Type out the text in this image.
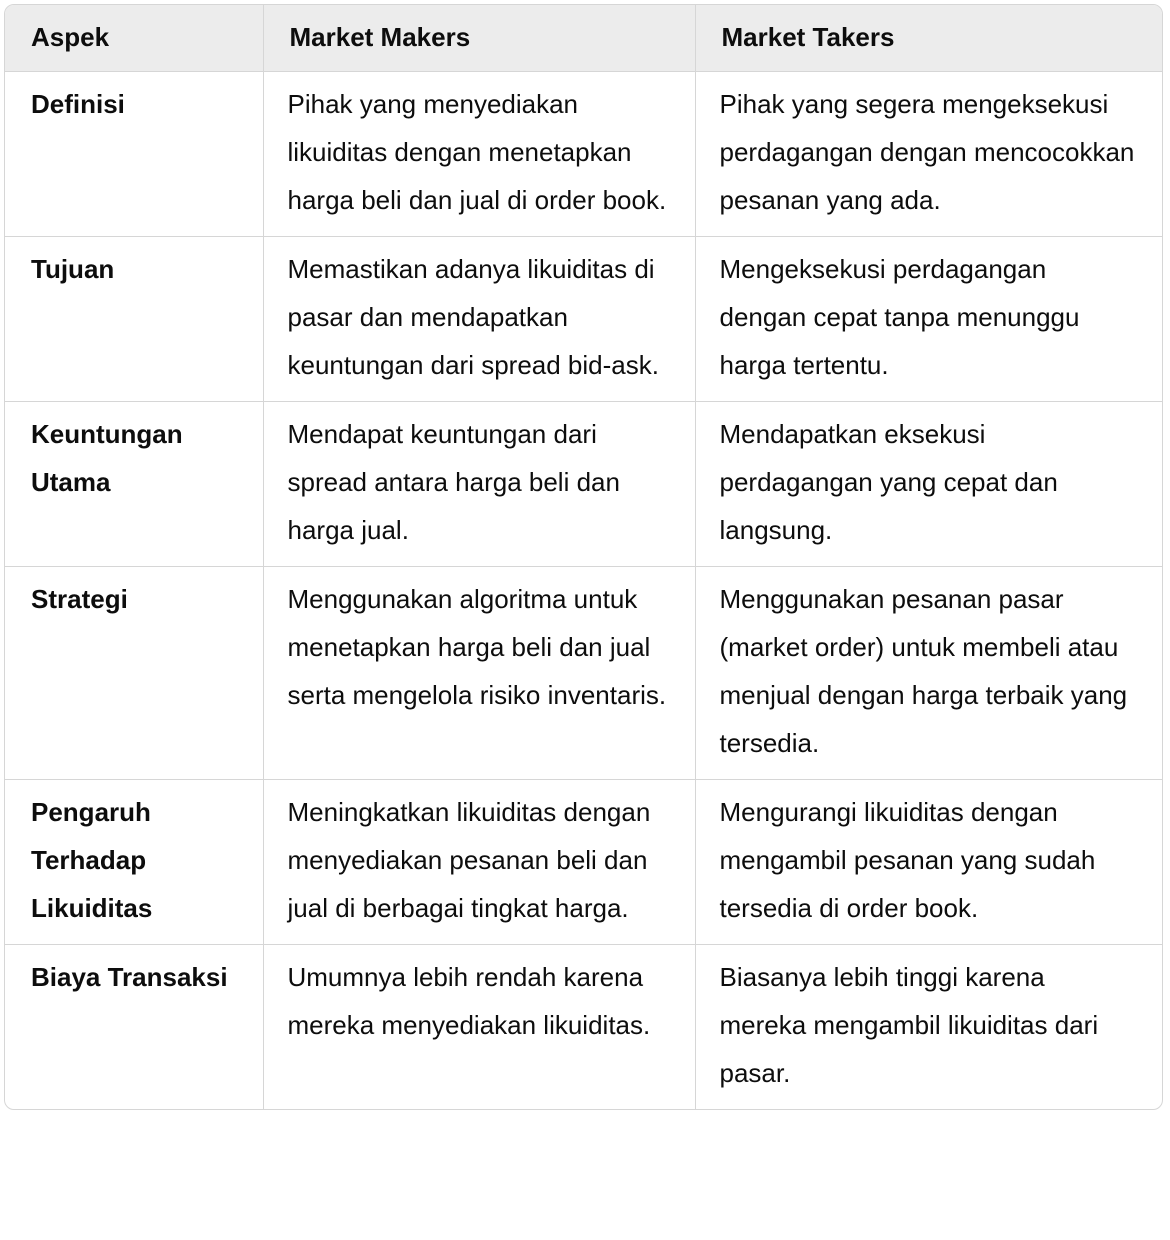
Aspek	Market Makers	Market Takers
Definisi	Pihak yang menyediakan likuiditas dengan menetapkan harga beli dan jual di order book.	Pihak yang segera mengeksekusi perdagangan dengan mencocokkan pesanan yang ada.
Tujuan	Memastikan adanya likuiditas di pasar dan mendapatkan keuntungan dari spread bid-ask.	Mengeksekusi perdagangan dengan cepat tanpa menunggu harga tertentu.
Keuntungan Utama	Mendapat keuntungan dari spread antara harga beli dan harga jual.	Mendapatkan eksekusi perdagangan yang cepat dan langsung.
Strategi	Menggunakan algoritma untuk menetapkan harga beli dan jual serta mengelola risiko inventaris.	Menggunakan pesanan pasar (market order) untuk membeli atau menjual dengan harga terbaik yang tersedia.
Pengaruh Terhadap Likuiditas	Meningkatkan likuiditas dengan menyediakan pesanan beli dan jual di berbagai tingkat harga.	Mengurangi likuiditas dengan mengambil pesanan yang sudah tersedia di order book.
Biaya Transaksi	Umumnya lebih rendah karena mereka menyediakan likuiditas.	Biasanya lebih tinggi karena mereka mengambil likuiditas dari pasar.
